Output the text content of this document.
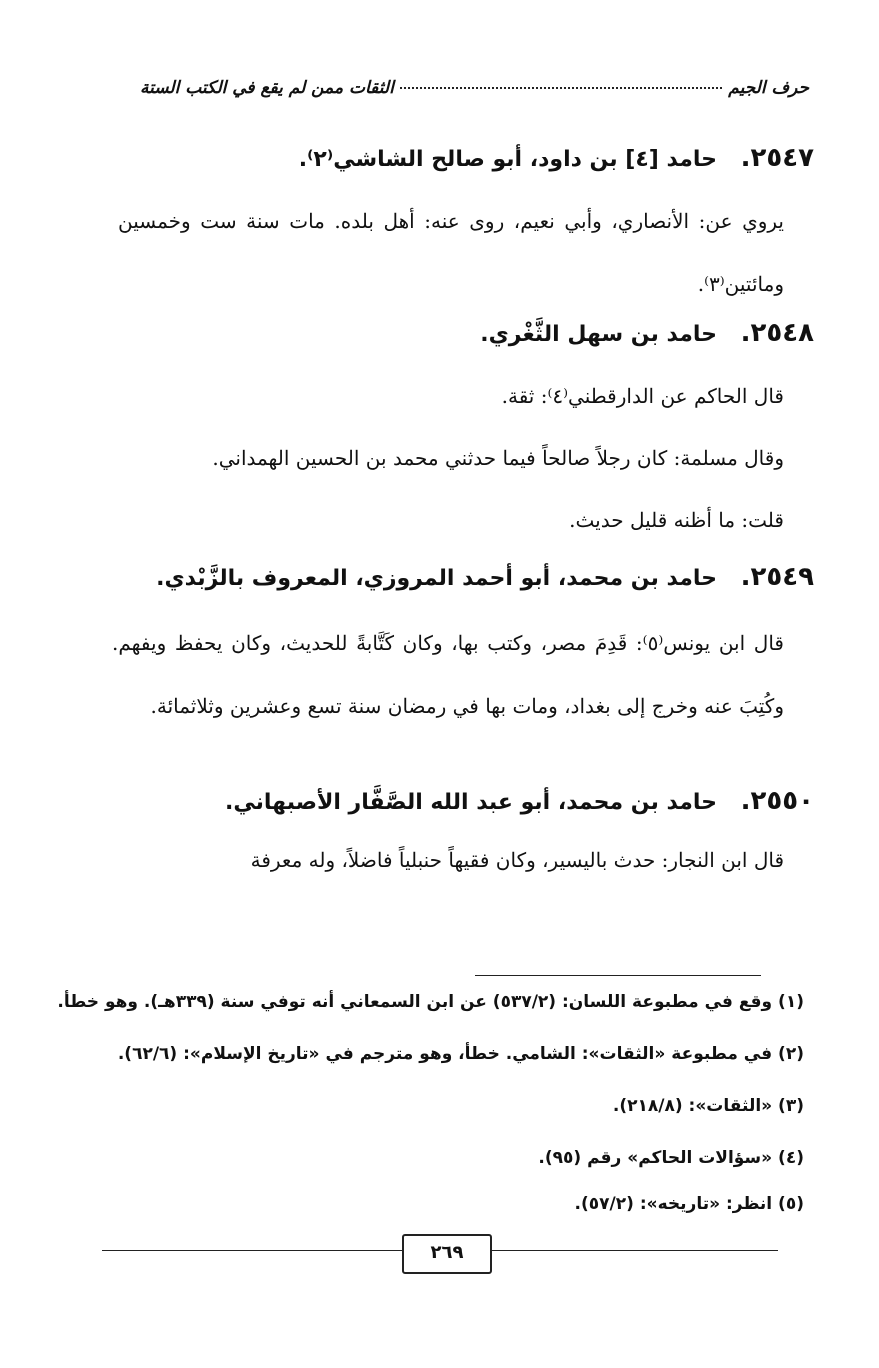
حرف الجيم
الثقات ممن لم يقع في الكتب الستة
٢٥٤٧. حامد [٤] بن داود، أبو صالح الشاشي⁽٢⁾.
يروي عن: الأنصاري، وأبي نعيم، روى عنه: أهل بلده. مات سنة ست وخمسين ومائتين⁽٣⁾.
٢٥٤٨. حامد بن سهل الثَّغْري.
قال الحاكم عن الدارقطني⁽٤⁾: ثقة.
وقال مسلمة: كان رجلاً صالحاً فيما حدثني محمد بن الحسين الهمداني.
قلت: ما أظنه قليل حديث.
٢٥٤٩. حامد بن محمد، أبو أحمد المروزي، المعروف بالزَّبْدي.
قال ابن يونس⁽٥⁾: قَدِمَ مصر، وكتب بها، وكان كَتَّابةً للحديث، وكان يحفظ ويفهم. وكُتِبَ عنه وخرج إلى بغداد، ومات بها في رمضان سنة تسع وعشرين وثلاثمائة.
٢٥٥٠. حامد بن محمد، أبو عبد الله الصَّفَّار الأصبهاني.
قال ابن النجار: حدث باليسير، وكان فقيهاً حنبلياً فاضلاً، وله معرفة
(١) وقع في مطبوعة اللسان: (٥٣٧/٢) عن ابن السمعاني أنه توفي سنة (٣٣٩هـ). وهو خطأ.
(٢) في مطبوعة «الثقات»: الشامي. خطأ، وهو مترجم في «تاريخ الإسلام»: (٦٢/٦).
(٣) «الثقات»: (٢١٨/٨).
(٤) «سؤالات الحاكم» رقم (٩٥).
(٥) انظر: «تاريخه»: (٥٧/٢).
٢٦٩
